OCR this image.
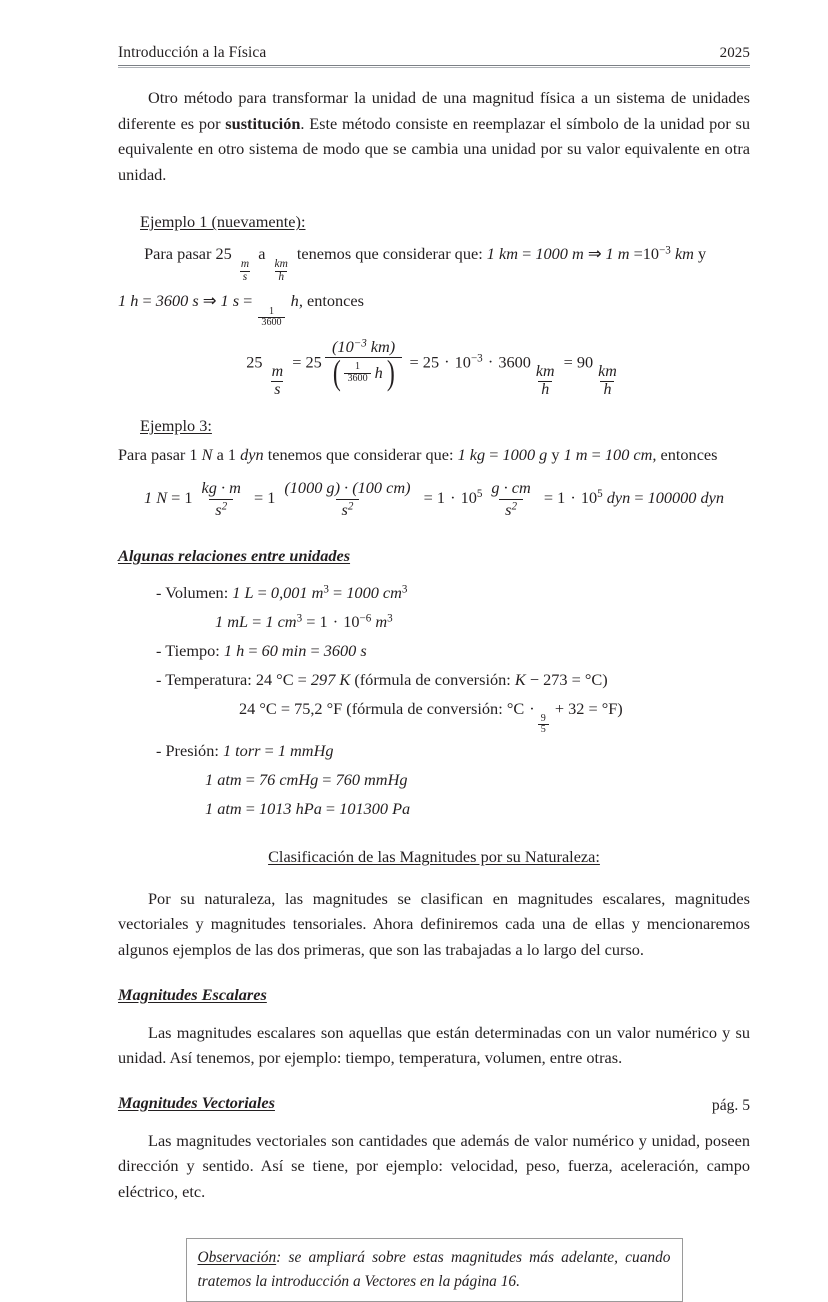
Introducción a la Física	2025

Otro método para transformar la unidad de una magnitud física a un sistema de unidades diferente es por sustitución. Este método consiste en reemplazar el símbolo de la unidad por su equivalente en otro sistema de modo que se cambia una unidad por su valor equivalente en otra unidad.

Ejemplo 1 (nuevamente):
Para pasar 25
$\frac{m}{s}$
a
$\frac{km}{h}$
tenemos que considerar que: 1 km = 1000 m ⇒ 1 $m =10^{-3}$ km y
1 h = 3600 s ⇒ 1 s =
$\frac{1}{3600}$
h, entonces
25
$\frac{m}{s}$
= $25 \frac{(10^{-3} km)}{( \frac{1}{3600} h )} = 25 \cdot 10^{-3} \cdot 3600$
$\frac{km}{h}$
= 90
$\frac{km}{h}$
Ejemplo 3:
Para pasar 1 N a 1 dyn tenemos que considerar que: 1 kg = 1000 g y 1 m = 100 cm, entonces
1 $N = 1 \frac{kg \cdot m}{s^2} = 1 \frac{(1000 g) \cdot (100 cm)}{s^2} = 1 \cdot 10^5 \frac{g \cdot cm}{s^2} = 1 \cdot 10^5$ dyn = 100000 dyn
Algunas relaciones entre unidades
- Volumen: 1 L = 0,001 $m^3 = 1000$ $cm^3$
1 mL = 1 $cm^3 = 1 \cdot 10^{-6}$ $m^3$
- Tiempo: 1 h = 60 min = 3600 s
- Temperatura: 24 °C = 297 K (fórmula de conversión: K − 273 = °C)
24 °C = 75,2 °F (fórmula de conversión: °C ·
$\frac{9}{5}$
+ 32 = °F)
- Presión: 1 torr = 1 mmHg
1 atm = 76 cmHg = 760 mmHg
1 atm = 1013 hPa = 101300 Pa
Clasificación de las Magnitudes por su Naturaleza:

Por su naturaleza, las magnitudes se clasifican en magnitudes escalares, magnitudes vectoriales y magnitudes tensoriales. Ahora definiremos cada una de ellas y mencionaremos algunos ejemplos de las dos primeras, que son las trabajadas a lo largo del curso.

Magnitudes Escalares

Las magnitudes escalares son aquellas que están determinadas con un valor numérico y su unidad. Así tenemos, por ejemplo: tiempo, temperatura, volumen, entre otras.

Magnitudes Vectoriales

Las magnitudes vectoriales son cantidades que además de valor numérico y unidad, poseen dirección y sentido. Así se tiene, por ejemplo: velocidad, peso, fuerza, aceleración, campo eléctrico, etc.

Observación: se ampliará sobre estas magnitudes más adelante, cuando tratemos la introducción a Vectores en la página 16.
pág. 5
